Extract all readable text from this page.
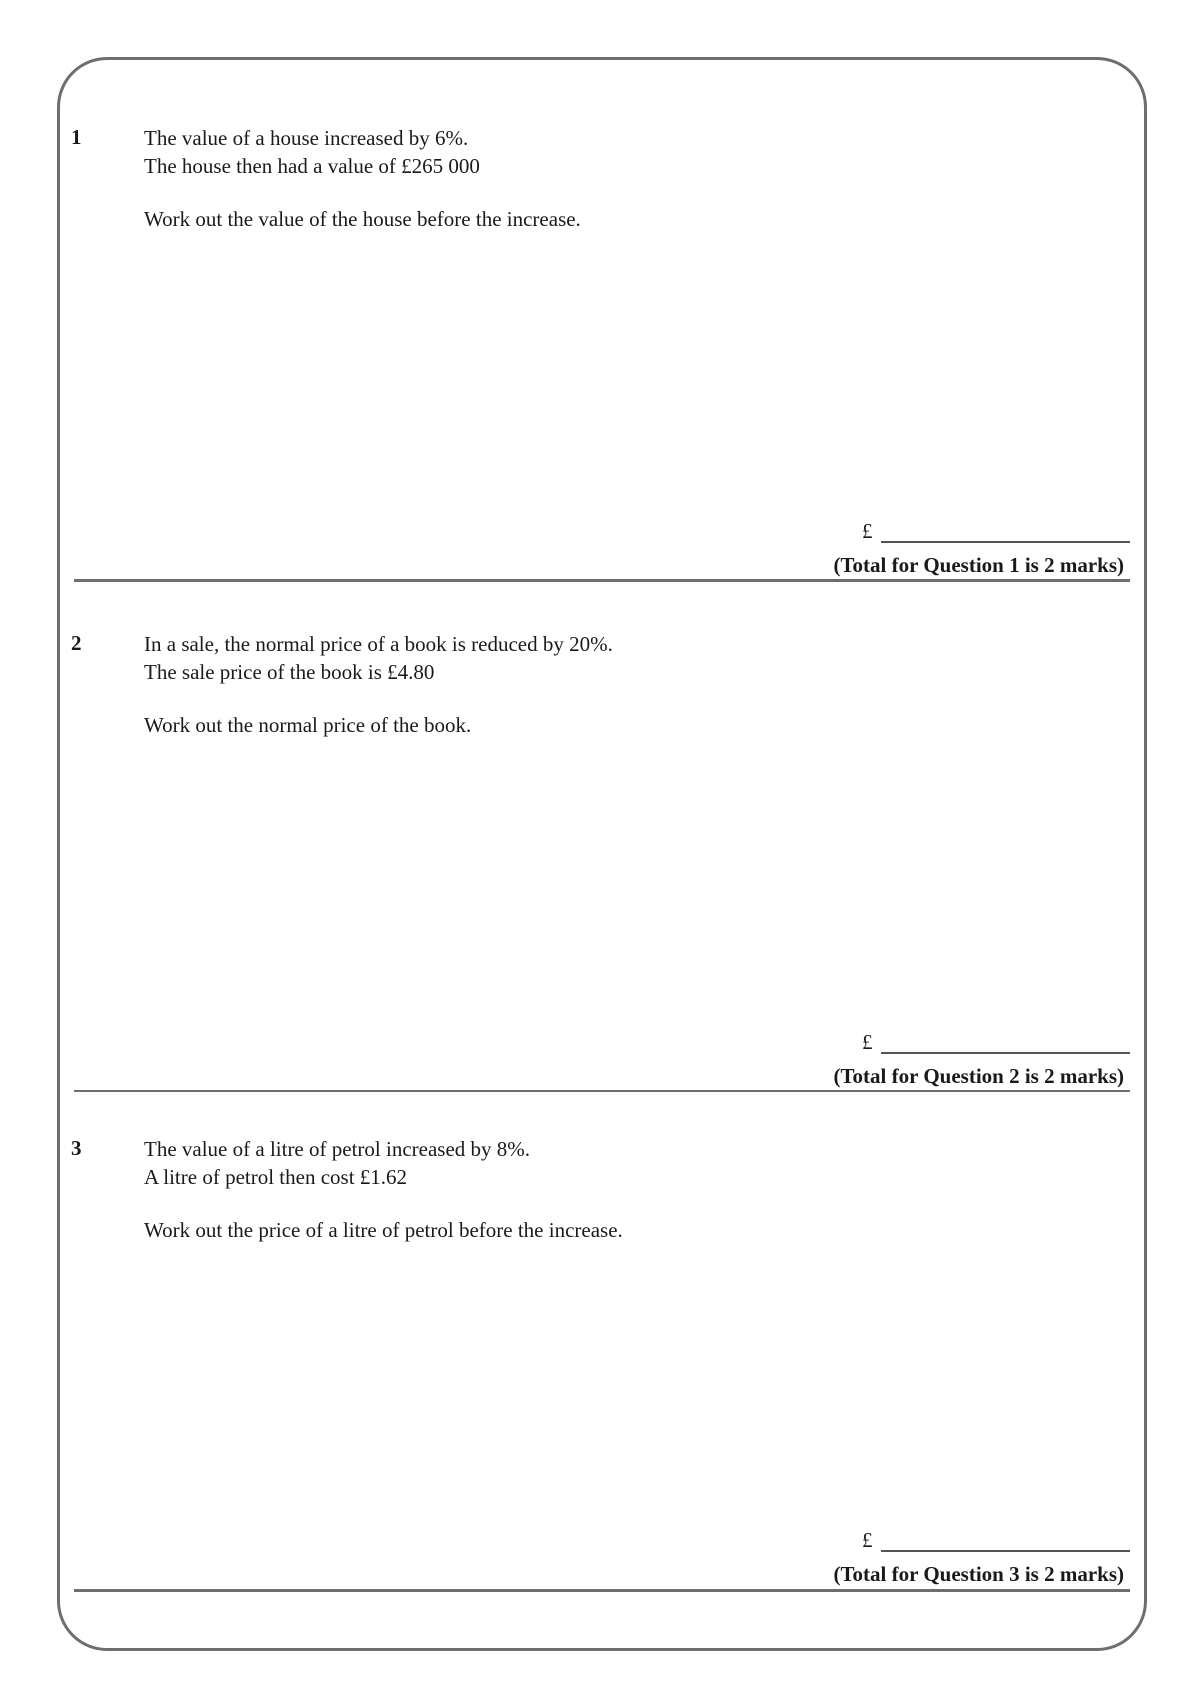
1	The value of a house increased by 6%.
The house then had a value of £265 000
Work out the value of the house before the increase.
£
(Total for Question 1 is 2 marks)
2	In a sale, the normal price of a book is reduced by 20%.
The sale price of the book is £4.80
Work out the normal price of the book.
£
(Total for Question 2 is 2 marks)
3	The value of a litre of petrol increased by 8%.
A litre of petrol then cost £1.62
Work out the price of a litre of petrol before the increase.
£
(Total for Question 3 is 2 marks)
